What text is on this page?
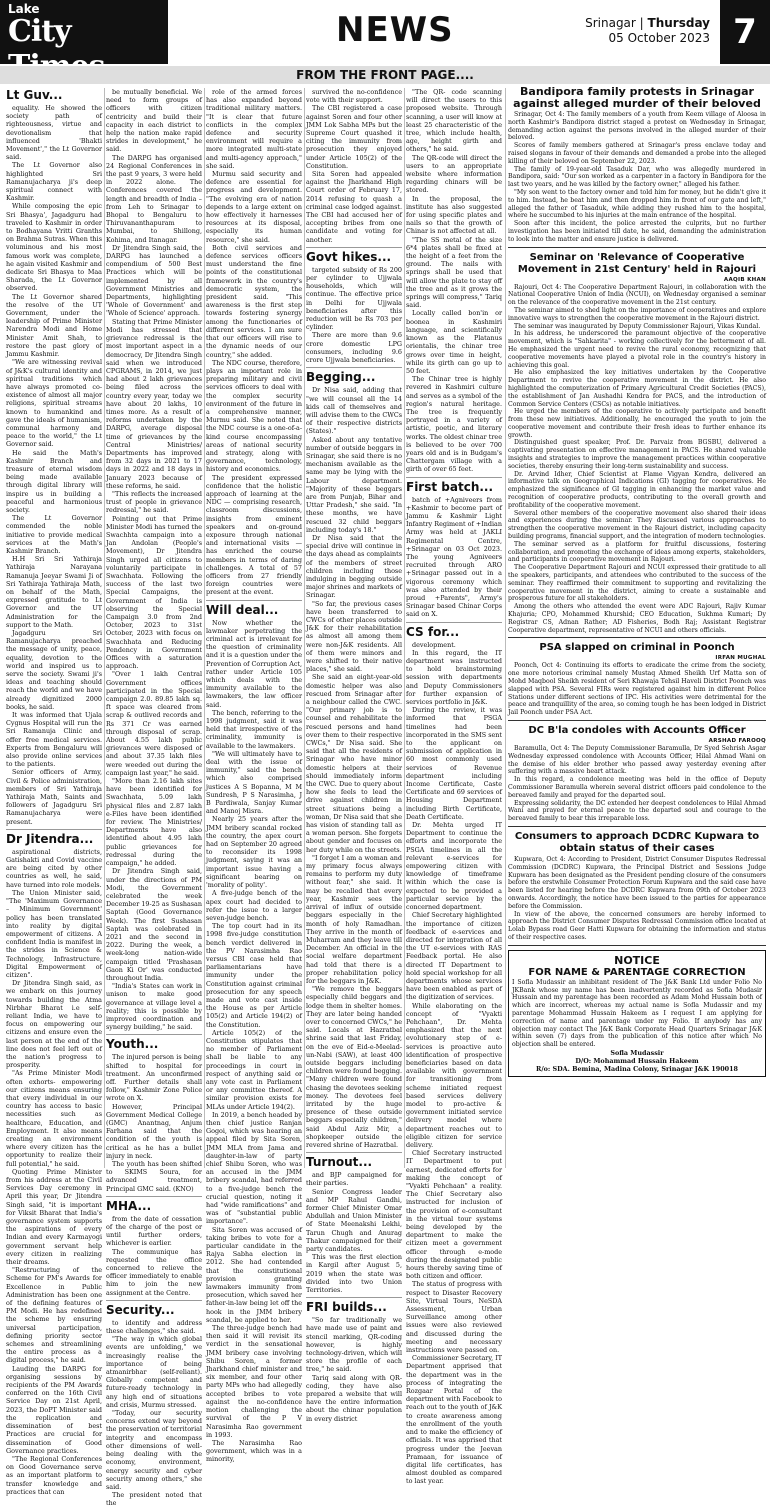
Lake
City	NEWS	Srinagar | Thursday
05 October 2023 7
FROM THE FRONT PAGE....
Lt Guv...

equality. He showed the society path of righteousness, virtue and devotionalism that influenced 'Bhakti Movement'," the Lt Governor said.

The Lt Governor also highlighted Sri Ramanujacharya ji's deep spiritual connect with Kashmir.

While composing the epic Sri Bhasya', Jagadguru had traveled to Kashmir in order to Bodhayana Vritti Granths on Brahma Sutras. When this voluminous and his most famous work was complete, he again visited Kashmir and dedicate Sri Bhasya to Maa Sharada, the Lt Governor observed.

The Lt Governor shared the resolve of the UT Government, under the leadership of Prime Minister Narendra Modi and Home Minister Amit Shah, to restore the past glory of Jammu Kashmir.

"We are witnessing revival of J&K's cultural identity and spiritual traditions which have always promoted co-existence of almost all major religions, spiritual streams known to humankind and gave the ideals of humanism, communal harmony and peace to the world," the Lt Governor said.

He said the Math's Kashmir Branch and treasure of eternal wisdom being made available through digital library will inspire us in building a peaceful and harmonious society.

The Lt Governor commended the noble initiative to provide medical services at the Math's Kashmir Branch.

H.H Sri Sri Yathiraja Yathiraja Narayana Ramanuja Jeeyar Swami Ji of Sri Yathiraja Yathiraja Math, on behalf of the Math, expressed gratitude to Lt Governor and the UT Administration for the support to the Math.

Jagadguru Sri Ramanujacharya preached the message of unity, peace, equality, devotion to the world and inspired us to serve the society. Swami ji's ideas and teaching should reach the world and we have already dignitized 2000 books, he said.

It was informed that Ujala Cygnus Hospital will run the Sri Ramanuja Clinic and offer free medical services. Experts from Bengaluru will also provide online services to the patients.

Senior officers of Army, Civil & Police administration, members of Sri Yathiraja Yathiraja Math, Saints and followers of Jagadguru Sri Ramanujacharya were present.

Dr Jitendra...

aspirational districts, Gatishakti and Covid vaccine are being cited by other countries as well, he said, have turned into role models.

The Union Minister said, "The 'Maximum Governance – Minimum Government' policy has been translated into reality by digital empowerment of citizens. A confident India is manifest in the strides in Science & Technology, Infrastructure, Digital Empowerment of citizen".

Dr Jitendra Singh said, as we embark on this journey towards building the Atma Nirbhar Bharat i.e self-reliant India, we have to focus on empowering our citizens and ensure even the last person at the end of the line does not feel left out of the nation's progress to prosperity.

"As Prime Minister Modi often exhorts- empowering our citizens means ensuring that every individual in our country has access to basic necessities such as healthcare, Education, and Employment. It also means creating an environment where every citizen has the opportunity to realize their full potential," he said.

Quoting Prime Minister from his address at the Civil Services Day ceremony in April this year, Dr Jitendra Singh said, "it is important for Viksit Bharat that India's governance system supports the aspirations of every Indian and every Karmayogi government servant help every citizen in realizing their dreams.

"Restructuring of the Scheme for PM's Awards for Excellence in Public Administration has been one of the defining features of PM Modi. He has redefined the scheme by ensuring universal participation, defining priority sector schemes and streamlining the entire process as a digital process," he said.

Lauding the DARPG for organising sessions by recipients of the PM Awards conferred on the 16th Civil Service Day on 21st April, 2023, the DoPT Minister said the replication and dissemination of best Practices are crucial for dissemination of Good Governance practices.

"The Regional Conferences on Good Governance serve as an important platform to transfer knowledge and practices that can

be mutually beneficial. We need to form groups of officers with citizen centricity and build their capacity in each district to help the nation make rapid strides in development," he said.

The DARPG has organised 24 Regional Conferences in the past 9 years, 3 were held in 2022 alone. The Conferences covered the length and breadth of India – from Leh to Srinagar to Bhopal to Bengaluru to Thiruvananthapuram to Mumbai, to Shillong, Kohima, and Itanagar.

Dr Jitendra Singh said, the DARPG has launched a compendium of 500 Best Practices which will be implemented by all Government Ministries and Departments, highlighting 'Whole of Government' and 'Whole of Science' approach.

Stating that Prime Minister Modi has stressed that grievance redressal is the most important aspect in a democracy, Dr Jitendra Singh said when we introduced CPGRAMS, in 2014, we just had about 2 lakh grievances being filed across the country every year, today we have about 20 lakhs, 10 times more. As a result of reforms undertaken by the DARPG, average disposal time of grievances by the Central Ministries/ Departments has improved from 32 days in 2021 to 17 days in 2022 and 18 days in January 2023 because of these reforms, he said.

"This reflects the increased trust of people in grievance redressal," he said.

Pointing out that Prime Minister Modi has turned the Swachhta campaign into a Jan Andolan (People's Movement), Dr Jitendra Singh urged all citizens to voluntarily participate in Swachhata. Following the success of the last two Special Campaigns, the Government of India is observing the Special Campaign 3.0 from 2nd October, 2023 to 31st October, 2023 with focus on Swachhata and Reducing Pendency in Government Offices with a saturation approach.

"Over 1 lakh Central Government offices participated in the Special campaign 2.0. 89.85 lakh sq. ft space was cleared from scrap & outlived records and Rs 371 Cr was earned through disposal of scrap. About 4.55 lakh public grievances were disposed of and about 37.35 lakh files were weeded out during the campaign last year," he said.

"More than 2.16 lakh sites have been identified for Swachhata, 5.09 lakh physical files and 2.87 lakh e-Files have been identified for review. The Ministries/ Departments have also identified about 4.95 lakh public grievances for redressal during the campaign," he added.

Dr Jitendra Singh said, under the directions of PM Modi, the Government celebrated the week December 19-25 as Sushasan Saptah (Good Governance Week). The first Sushasan Saptah was celebrated in 2021 and the second in 2022. During the week, a week-long nation-wide campaign titled 'Prashasan Gaon Ki Or' was conducted throughout India.

"India's States can work in unison to make good governance at village level a reality; this is possible by improved coordination and synergy building," he said.

Youth...

The injured person is being shifted to hospital for treatment. An unconfirmed off. Further details shall follow," Kashmir Zone Police wrote on X.

However, Principal Government Medical College (GMC) Anantnag, Anjum Farhana said that the condition of the youth is critical as he has a bullet injury in neck.

The youth has been shifted to SKIMS Soura, for advanced treatment, Principal GMC said. (KNO)

MHA...

from the date of cessation of the charge of the post or until further orders, whichever is earlier.

The communique has requested the office concerned to relieve the officer immediately to enable him to join the new assignment at the Centre.

Security...

to identify and address these challenges," she said.

"The way in which global events are unfolding," we increasingly realise the importance of being atmanirbhar (self-reliant). Globally competent and future-ready technology in any high end of situations and crisis, Murmu stressed.

"Today, our security concerns extend way beyond the preservation of territorial integrity and encompass other dimensions of well-being dealing with the economy, environment, energy security and cyber security among others," she said.

The president noted that the

role of the armed forces has also expanded beyond traditional military matters. "It is clear that future conflicts in the complex defence and security environment will require a more integrated multi-state and multi-agency approach," she said.

Murmu said security and defence are essential for progress and development. "The evolving era of nation depends to a large extent on how effectively it harnesses resources at its disposal, especially its human resource," she said.

Both civil services and defence services officers must understand the fine points of the constitutional framework in the country's democratic system, the president said. "This awareness is the first step towards fostering synergy among the functionaries of different services. I am sure that our officers will rise to the dynamic needs of our country," she added.

The NDC course, therefore, plays an important role in preparing military and civil services officers to deal with the complex security environment of the future in a comprehensive manner, Murmu said. She noted that the NDC course is a one-of-a-kind course encompassing areas of national security and strategy, along with governance, technology, history and economics.

The president expressed confidence that the holistic approach of learning at the NDC — comprising research, classroom discussions, insights from eminent speakers and on-ground exposure through national and international visits — has enriched the course members in terms of daring challenges. A total of 57 officers from 27 friendly foreign countries were present at the event.

Will deal...

Now whether the lawmaker perpetrating the criminal act is irrelevant for the question of criminality and it is a question under the Prevention of Corruption Act, rather under Article 105 which deals with the immunity available to the lawmakers, the law officer said.

The bench, referring to the 1998 judgment, said it was held that irrespective of the criminality, immunity is available to the lawmakers.

"We will ultimately have to deal with the issue of immunity," said the bench which also comprised justices A S Bopanna, M M Sundresh, P S Narasimha, J B Pardiwala, Sanjay Kumar and Manoj Misra.

Nearly 25 years after the JMM bribery scandal rocked the country, the apex court had on September 20 agreed to reconsider its 1998 judgment, saying it was an important issue having a significant bearing on 'morality of polity'.

A five-judge bench of the apex court had decided to refer the issue to a larger seven-judge bench.

The top court had in its 1998 five-judge constitution bench verdict delivered in the PV Narasimha Rao versus CBI case held that parliamentarians have immunity under the Constitution against criminal prosecution for any speech made and vote cast inside the House as per Article 105(2) and Article 194(2) of the Constitution.

Article 105(2) of the Constitution stipulates that no member of Parliament shall be liable to any proceedings in court in respect of anything said or any vote cast in Parliament or any committee thereof. A similar provision exists for MLAs under Article 194(2).

In 2019, a bench headed by then chief justice Ranjan Gogoi, which was hearing an appeal filed by Sita Soren, JMM MLA from Jama and daughter-in-law of party chief Shibu Soren, who was an accused in the JMM bribery scandal, had referred to a five-judge bench the crucial question, noting it had "wide ramifications" and was of "substantial public importance".

Sita Soren was accused of taking bribes to vote for a particular candidate in the Rajya Sabha election in 2012. She had contended that the constitutional provision granting lawmakers immunity from prosecution, which saved her father-in-law being let off the hook in the JMM bribery scandal, be applied to her.

The three-judge bench had then said it will revisit its verdict in the sensational JMM bribery case involving Shibu Soren, a former Jharkhand chief minister and six member, and four other party MPs who had allegedly accepted bribes to vote against the no-confidence motion challenging the survival of the P V Narasimha Rao government in 1993.

The Narasimha Rao government, which was in a minority,

survived the no-confidence vote with their support.

The CBI registered a case against Soren and four other JMM Lok Sabha MPs but the Supreme Court quashed it citing the immunity from prosecution they enjoyed under Article 105(2) of the Constitution.

Sita Soren had appealed against the Jharkhand High Court order of February 17, 2014 refusing to quash a criminal case lodged against. The CBI had accused her of accepting bribes from one candidate and voting for another.

Govt hikes...

targeted subsidy of Rs 200 per cylinder to Ujjwala households, which will continue. The effective price in Delhi for Ujjwala beneficiaries after this reduction will be Rs 703 per cylinder.

There are more than 9.6 crore domestic LPG consumers, including 9.6 crore Ujjwala beneficiaries.

Begging...

Dr Nisa said, adding that "we will counsel all the 14 kids call of themselves and will advise them to the CWCs of their respective districts (States)."

Asked about any tentative number of outside beggars in Srinagar, she said there is no mechanism available as the same may be lying with the Labour department. "Majority of these beggars are from Punjab, Bihar and Uttar Pradesh," she said. "In these months, we have rescued 32 child beggars including today's 18."

Dr Nisa said that the special drive will continue in the days ahead as complaints of the members of street children including those indulging in begging outside major shrines and markets of Srinagar.

"So far, the previous cases have been transferred to CWCs of other places outside J&K for their rehabilitation as almost all among them were non-J&K residents. All of them were minors and were shifted to their native places," she said.

She said an eight-year-old domestic helper was also rescued from Srinagar after a neighbour called the CWC. "Our primary job is to counsel and rehabilitate the rescued persons and hand over them to their respective CWCs," Dr Nisa said. She said that all the residents of Srinagar who have minor domestic helpers at their should immediately inform the CWC. Due to query about how she feels to lead the drive against children in street situations being a woman, Dr Nisa said that she has vision of standing tall as a woman person. She forgets about gender and focuses on her duty while on the streets.

"I forget I am a woman and my primary focus always remains to perform my duty without fear," she said. It may be recalled that every year, Kashmir sees the arrival of influx of outside beggars especially in the month of holy Ramadhan. They arrive in the month of Muharram and they leave till December. An official in the social welfare department had told that there is a proper rehabilitation policy for the beggars in J&K.

"We remove the beggars especially child beggars and lodge them in shelter homes. They are later being handed over to concerned CWCs," he said. Locals at Hazratbal shrine said that last Friday, on the eve of Eid-e-Meelad-un-Nabi (SAW), at least 400 outside beggars including children were found begging. "Many children were found chasing the devotees seeking money. The devotees feel irritated by the huge presence of these outside beggars especially children," said Abdul Aziz Mir, a shopkeeper outside the revered shrine of Hazratbal.

Turnout...

and BJP campaigned for their parties.

Senior Congress leader and MP Rahul Gandhi, former Chief Minister Omar Abdullah and Union Minister of State Meenakshi Lekhi, Tarun Chugh and Anurag Thakur campaigned for their party candidates.

This was the first election in Kargil after August 5, 2019 when the state was divided into two Union Territories.

FRI builds...

"So far traditionally we have made use of paint and stencil marking, QR-coding however, is highly technology-driven, which will store the profile of each tree," he said.

Tariq said along with QR-coding, they have also prepared a website that will have the entire information about the chinar population in every district

"The QR- code scanning will direct the users to this proposed website. Through scanning, a user will know at least 25 characteristic of the tree, which include health, age, height girth and others," he said.

The QR-code will direct the users to an appropriate website where information regarding chinars will be stored.

In the proposal, the institute has also suggested for using specific plates and nails so that the growth of Chinar is not affected at all.

"The SS metal of the size 6*4 plates shall be fixed at the height of a feet from the ground. The nails with springs shall be used that will allow the plate to stay off the tree and as it grows the springs will compress," Tariq said.

Locally called bon'in or boonea in Kashmiri language, and scientifically known as the Platanus orientalis, the chinar tree grows over time in height, while its girth can go up to 50 feet.

The Chinar tree is highly revered in Kashmiri culture and serves as a symbol of the region's natural heritage. The tree is frequently portrayed in a variety of artistic, poetic, and literary works. The oldest chinar tree is believed to be over 700 years old and is in Budgam's Chattergam village with a girth of over 65 feet.

First batch...

batch of +Agniveers from +Kashmir to become part of Jammu & Kashmir Light Infantry Regiment of +Indian Army was held at JAKLI Regimental Centre, +Srinagar on 03 Oct 2023. The young Agniveers recruited through ARO +Srinagar passed out in a vigorous ceremony which was also attended by their proud +Parents", Army's Srinagar based Chinar Corps said on X.

CS for...

development.

In this regard, the IT department was instructed to hold brainstorming session with departments and Deputy Commissioners for further expansion of services portfolio in J&K.

During the review, it was informed that PSGA timelines had been incorporated in the SMS sent to the applicant on submission of application in 60 most commonly used services of Revenue department including Income Certificate, Caste Certificate and 69 services of Housing Department including Birth Certificate, Death Certificate.

Dr. Mehta urged IT Department to continue the efforts and incorporate the PSGA timelines in all the relevant e-services for empowering citizen with knowledge of timeframe within which the case is expected to be provided a particular service by the concerned department.

Chief Secretary highlighted the importance of citizen feedback of e-services and directed for integration of all the UT e-services with RAS Feedback portal. He also directed IT Department to hold special workshop for all departments whose services have been enabled as part of the digitization of services.

While elaborating on the concept of "Vyakti Pehchaan", Dr. Mehta emphasized that the next evolutionary step of e-services is proactive auto identification of prospective beneficiaries based on data available with government for transitioning from scheme initiated request based services delivery model to pro-active & government initiated service delivery model where department reaches out to eligible citizen for service delivery.

Chief Secretary instructed IT Department to put earnest, dedicated efforts for making the concept of "Vyakti Pehchaan" a reality. The Chief Secretary also instructed for inclusion of the provision of e-consultant in the virtual tour systems being developed by the department to make the citizen meet a government officer through e-mode during the designated public hours thereby saving time of both citizen and officer.

The status of progress with respect to Disaster Recovery Site, Virtual Tours, NeSDA Assessment, Urban Surveillance among other issues were also reviewed and discussed during the meeting and necessary instructions were passed on.

Commissioner Secretary, IT Department apprised that the department was in the process of integrating the Rozgaar Portal of the department with Facebook to reach out to the youth of J&K to create awareness among the enrollment of the youth and to make the efficiency of officials. It was apprised that progress under the Jeevan Pramaan, for issuance of digital life certificates, has almost doubled as compared to last year.

Bandipora family protests in Srinagar against alleged murder of their beloved

Srinagar, Oct 4: The family members of a youth from Keem village of Aloosa in north Kashmir's Bandipora district staged a protest on Wednesday in Srinagar, demanding action against the persons involved in the alleged murder of their beloved.

Scores of family members gathered at Srinagar's press enclave today and raised slogans in favour of their demands and demanded a probe into the alleged killing of their beloved on September 22, 2023.

The family of 19-year-old Tasaduk Dar, who was allegedly murdered in Bandipora, said: "Our son worked as a carpenter in a factory in Bandipora for the last two years, and he was killed by the factory owner," alleged his father.

"My son went to the factory owner and told him for money, but he didn't give it to him. Instead, he beat him and then dropped him in front of our gate and left," alleged the father of Tasaduk, while adding they rushed him to the hospital, where he succumbed to his injuries at the main entrance of the hospital.

Soon after this incident, the police arrested the culprits, but no further investigation has been initiated till date, he said, demanding the administration to look into the matter and ensure justice is delivered.

Seminar on 'Relevance of Cooperative Movement in 21st Century' held in Rajouri
AAQIB KHAN

Rajouri, Oct 4: The Cooperative Department Rajouri, in collaboration with the National Cooperative Union of India (NCUI), on Wednesday organised a seminar on the relevance of the cooperative movement in the 21st century.

The seminar aimed to shed light on the importance of cooperatives and explore innovative ways to strengthen the cooperative movement in the Rajouri district.

The seminar was inaugurated by Deputy Commissioner Rajouri, Vikas Kundal.

In his address, he underscored the paramount objective of the cooperative movement, which is "Sahkarita" - working collectively for the betterment of all. He emphasized the urgent need to revive the rural economy, recognizing that cooperative movements have played a pivotal role in the country's history in achieving this goal.

He also emphasized the key initiatives undertaken by the Cooperative Department to revive the cooperative movement in the district. He also highlighted the computerization of Primary Agricultural Credit Societies (PACS), the establishment of Jan Aushadhi Kendra for PACS, and the introduction of Common Service Centers (CSCs) as notable initiatives.

He urged the members of the cooperative to actively participate and benefit from these new initiatives. Additionally, he encouraged the youth to join the cooperative movement and contribute their fresh ideas to further enhance its growth.

Distinguished guest speaker, Prof. Dr. Parvaiz from BGSBU, delivered a captivating presentation on effective management in PACS. He shared valuable insights and strategies to improve the management practices within cooperative societies, thereby ensuring their long-term sustainability and success.

Dr. Arvind Idher, Chief Scientist at Flame Vigyan Kendra, delivered an informative talk on Geographical Indications (GI) tagging for cooperatives. He emphasized the significance of GI tagging in enhancing the market value and recognition of cooperative products, contributing to the overall growth and profitability of the cooperative movement.

Several other members of the cooperative movement also shared their ideas and experiences during the seminar. They discussed various approaches to strengthen the cooperative movement in the Rajouri district, including capacity building programs, financial support, and the integration of modern technologies.

The seminar served as a platform for fruitful discussions, fostering collaboration, and promoting the exchange of ideas among experts, stakeholders, and participants in cooperative movement in Rajouri.

The Cooperative Department Rajouri and NCUI expressed their gratitude to all the speakers, participants, and attendees who contributed to the success of the seminar. They reaffirmed their commitment to supporting and revitalizing the cooperative movement in the district, aiming to create a sustainable and prosperous future for all stakeholders.

Among the others who attended the event were ADC Rajouri, Rajiv Kumar Khajuria; CPO, Mohammed Khurshid; CEO Education, Sukhma Kumari; Dy Registrar CS, Adnan Rather; AD Fisheries, Bodh Raj; Assistant Registrar Cooperative department, representative of NCUI and others officials.

PSA slapped on criminal in Poonch
IRFAN MUGHAL

Poonch, Oct 4: Continuing its efforts to eradicate the crime from the society, one more notorious criminal namely Mustaq Ahmed Sheikh Urf Matta son of Mohd Maqbool Sheikh resident of Seri Khawaja Tehsil Haveli District Poonch was slapped with PSA. Several FIRs were registered against him in different Police Stations under different sections of IPC. His activities were detrimental for the peace and tranquillity of the area, so coming tough he has been lodged in District Jail Poonch under PSA Act.

DC B'la condoles with Accounts Officer
ARSHAD FAROOQ

Baramulla, Oct 4: The Deputy Commissioner Baramulla, Dr Syed Sehrish Asgar Wednesday expressed condolence with Accounts Officer, Hilal Ahmad Wani on the demise of his elder brother who passed away yesterday evening after suffering with a massive heart attack.

In this regard, a condolence meeting was held in the office of Deputy Commissioner Baramulla wherein several district officers paid condolence to the bereaved family and prayed for the departed soul.

Expressing solidarity, the DC extended her deepest condolences to Hilal Ahmad Wani and prayed for eternal peace to the departed soul and courage to the bereaved family to bear this irreparable loss.

Consumers to approach DCDRC Kupwara to obtain status of their cases

Kupwara, Oct 4: According to President, District Consumer Disputes Redressal Commission (DCDRC) Kupwara, the Principal District and Sessions Judge Kupwara has been designated as the President pending closure of the consumers before the erstwhile Consumer Protection Forum Kupwara and the said case have been listed for hearing before the DCDRC Kupwara from 09th of October 2023 onwards. Accordingly, the notice have been issued to the parties for appearance before the Commission.

In view of the above, the concerned consumers are hereby informed to approach the District Consumer Disputes Redressal Commission office located at Lolab Bypass road Geer Hatti Kupwara for obtaining the information and status of their respective cases.

NOTICE
FOR NAME & PARENTAGE CORRECTION
I Sofla Mudassir an inhibitant resident of The J&K Bank Ltd under Folio No JKBank whose my name has been inadvertently recorded as Sofia Mudasir Hussain and my parentage has been recorded as Adam Mohd Hussain both of which are incorrect, whereas my actual name is Sofla Mudassir and my parentage Mohammad Hussain Hakeem as I request I am applying for correction of name and parentage under my Folio. If anybody has any objection may contact The J&K Bank Corporate Head Quarters Srinagar J&K within seven (7) days from the publication of this notice after which No objection shall be entered.
Sofla Mudassir
D/O: Mohammad Hussain Hakeem
R/o: SDA. Bemina, Madina Colony, Srinagar J&K 190018
